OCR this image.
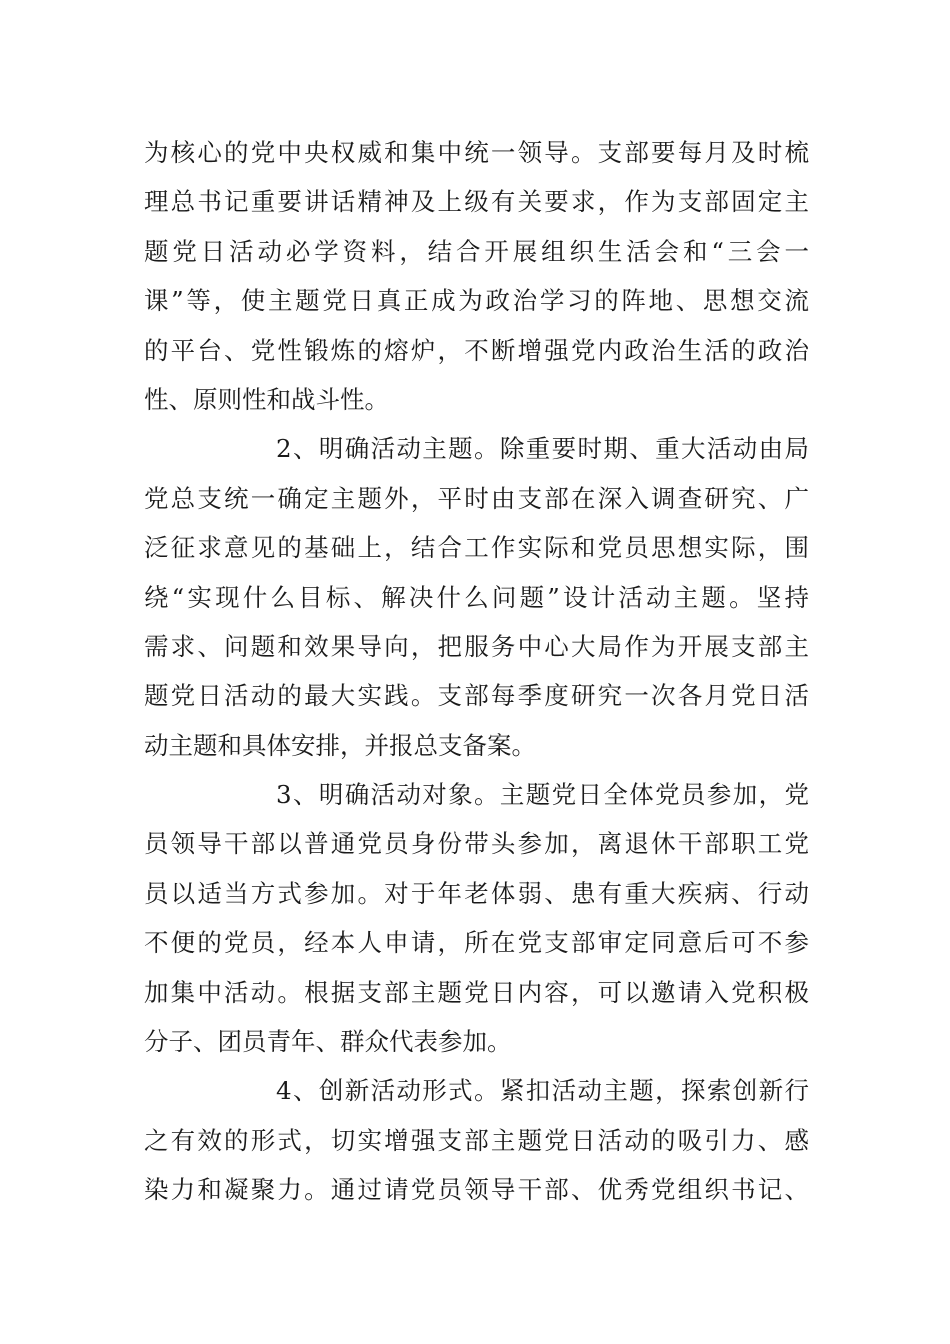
为核心的党中央权威和集中统一领导。支部要每月及时梳
理总书记重要讲话精神及上级有关要求，作为支部固定主
题党日活动必学资料，结合开展组织生活会和“三会一
课”等，使主题党日真正成为政治学习的阵地、思想交流
的平台、党性锻炼的熔炉，不断增强党内政治生活的政治
性、原则性和战斗性。
2、明确活动主题。除重要时期、重大活动由局
党总支统一确定主题外，平时由支部在深入调查研究、广
泛征求意见的基础上，结合工作实际和党员思想实际，围
绕“实现什么目标、解决什么问题”设计活动主题。坚持
需求、问题和效果导向，把服务中心大局作为开展支部主
题党日活动的最大实践。支部每季度研究一次各月党日活
动主题和具体安排，并报总支备案。
3、明确活动对象。主题党日全体党员参加，党
员领导干部以普通党员身份带头参加，离退休干部职工党
员以适当方式参加。对于年老体弱、患有重大疾病、行动
不便的党员，经本人申请，所在党支部审定同意后可不参
加集中活动。根据支部主题党日内容，可以邀请入党积极
分子、团员青年、群众代表参加。
4、创新活动形式。紧扣活动主题，探索创新行
之有效的形式，切实增强支部主题党日活动的吸引力、感
染力和凝聚力。通过请党员领导干部、优秀党组织书记、
